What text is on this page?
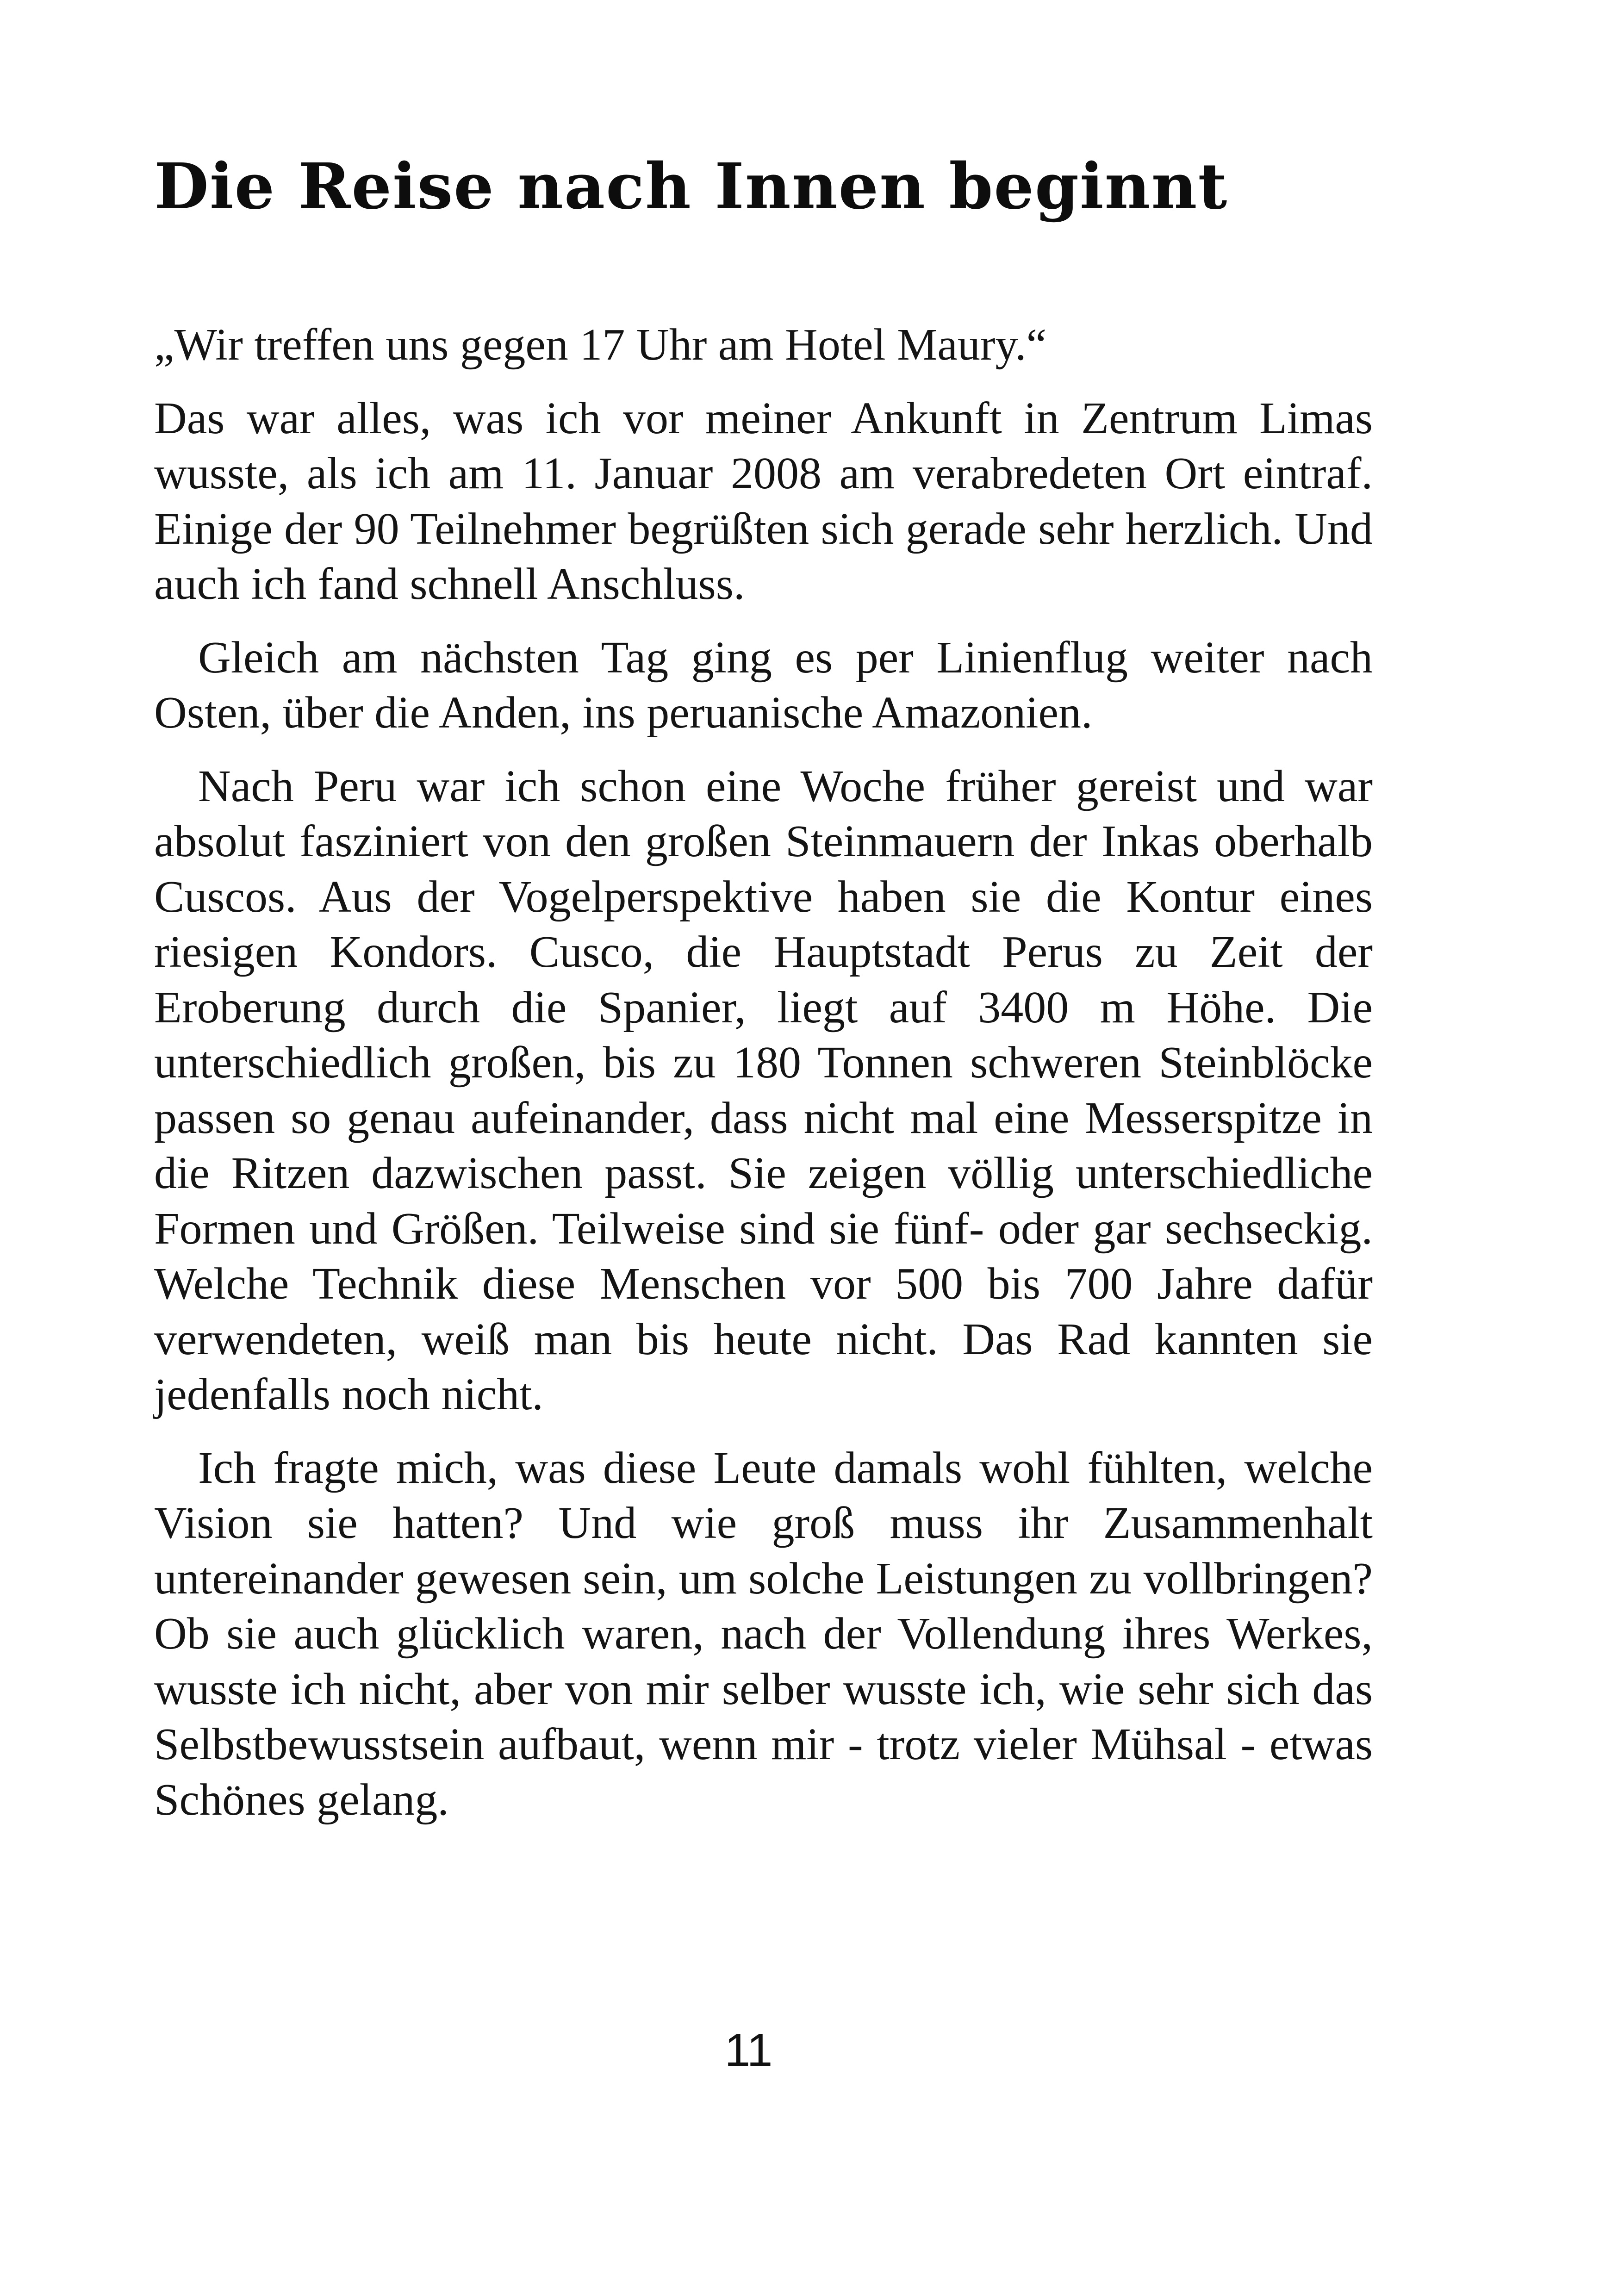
Die Reise nach Innen beginnt

„Wir treffen uns gegen 17 Uhr am Hotel Maury.“

Das war alles, was ich vor meiner Ankunft in Zentrum Limas wusste, als ich am 11. Januar 2008 am verabredeten Ort eintraf. Einige der 90 Teilnehmer begrüßten sich gerade sehr herzlich. Und auch ich fand schnell Anschluss.

Gleich am nächsten Tag ging es per Linienflug weiter nach Osten, über die Anden, ins peruanische Amazonien.

Nach Peru war ich schon eine Woche früher gereist und war absolut fasziniert von den großen Steinmauern der Inkas oberhalb Cuscos. Aus der Vogelperspektive haben sie die Kontur eines riesigen Kondors. Cusco, die Hauptstadt Perus zu Zeit der Eroberung durch die Spanier, liegt auf 3400 m Höhe. Die unterschiedlich großen, bis zu 180 Tonnen schweren Steinblöcke passen so genau aufeinander, dass nicht mal eine Messerspitze in die Ritzen dazwischen passt. Sie zeigen völlig unterschiedliche Formen und Größen. Teilweise sind sie fünf- oder gar sechseckig. Welche Technik diese Menschen vor 500 bis 700 Jahre dafür verwendeten, weiß man bis heute nicht. Das Rad kannten sie jedenfalls noch nicht.

Ich fragte mich, was diese Leute damals wohl fühlten, welche Vision sie hatten? Und wie groß muss ihr Zusammenhalt untereinander gewesen sein, um solche Leistungen zu vollbringen? Ob sie auch glücklich waren, nach der Vollendung ihres Werkes, wusste ich nicht, aber von mir selber wusste ich, wie sehr sich das Selbstbewusstsein aufbaut, wenn mir - trotz vieler Mühsal - etwas Schönes gelang.

11
